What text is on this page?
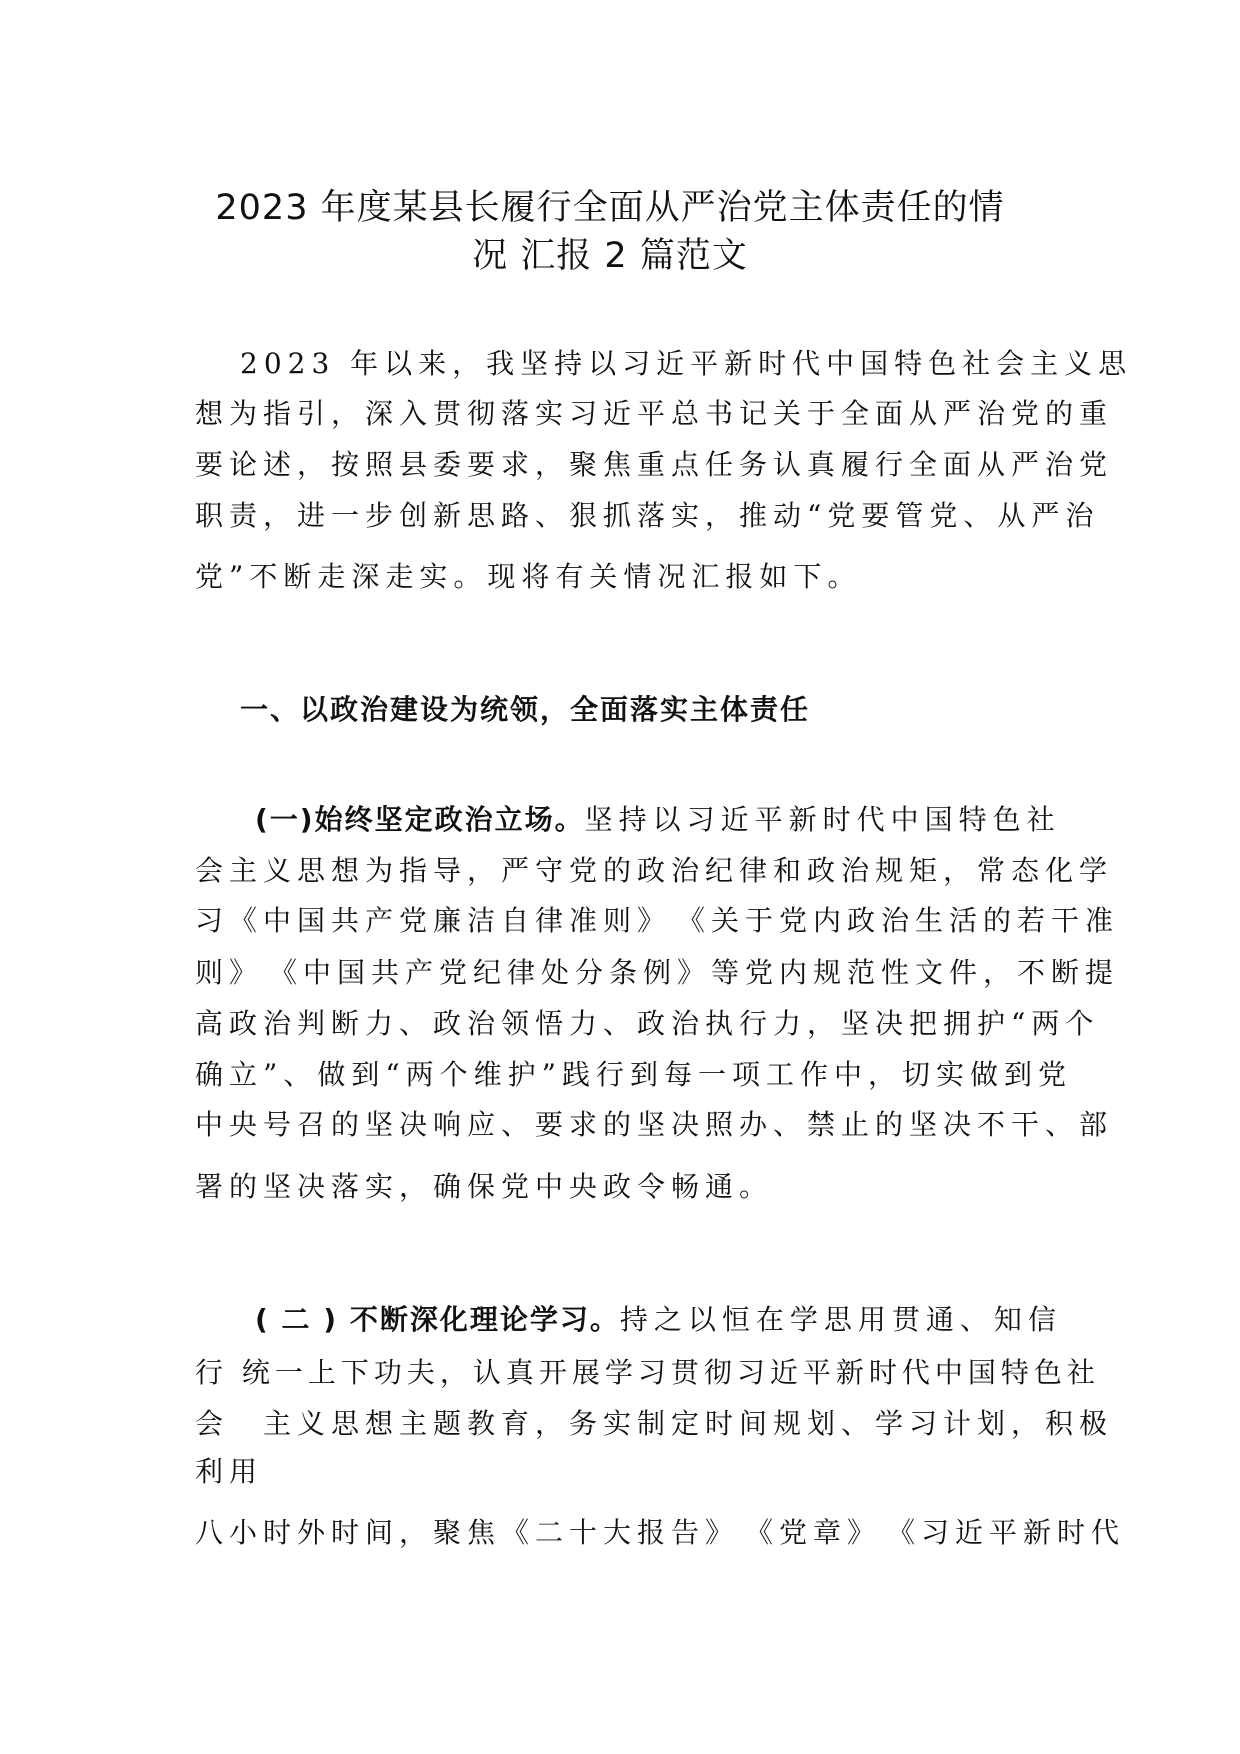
2023 年度某县长履行全面从严治党主体责任的情
况 汇报 2 篇范文

2023 年以来，我坚持以习近平新时代中国特色社会主义思

想为指引，深入贯彻落实习近平总书记关于全面从严治党的重

要论述，按照县委要求，聚焦重点任务认真履行全面从严治党

职责，进一步创新思路、狠抓落实，推动“党要管党、从严治

党”不断走深走实。现将有关情况汇报如下。

一、以政治建设为统领，全面落实主体责任

(一)始终坚定政治立场。坚持以习近平新时代中国特色社

会主义思想为指导，严守党的政治纪律和政治规矩，常态化学

习《中国共产党廉洁自律准则》　《关于党内政治生活的若干准

则》　《中国共产党纪律处分条例》等党内规范性文件，不断提

高政治判断力、政治领悟力、政治执行力，坚决把拥护“两个

确立”、做到“两个维护”践行到每一项工作中，切实做到党

中央号召的坚决响应、要求的坚决照办、禁止的坚决不干、部

署的坚决落实，确保党中央政令畅通。

( 二 ) 不断深化理论学习。持之以恒在学思用贯通、知信

行 统一上下功夫，认真开展学习贯彻习近平新时代中国特色社

会　主义思想主题教育，务实制定时间规划、学习计划，积极

利用

八小时外时间，聚焦《二十大报告》　《党章》　《习近平新时代
